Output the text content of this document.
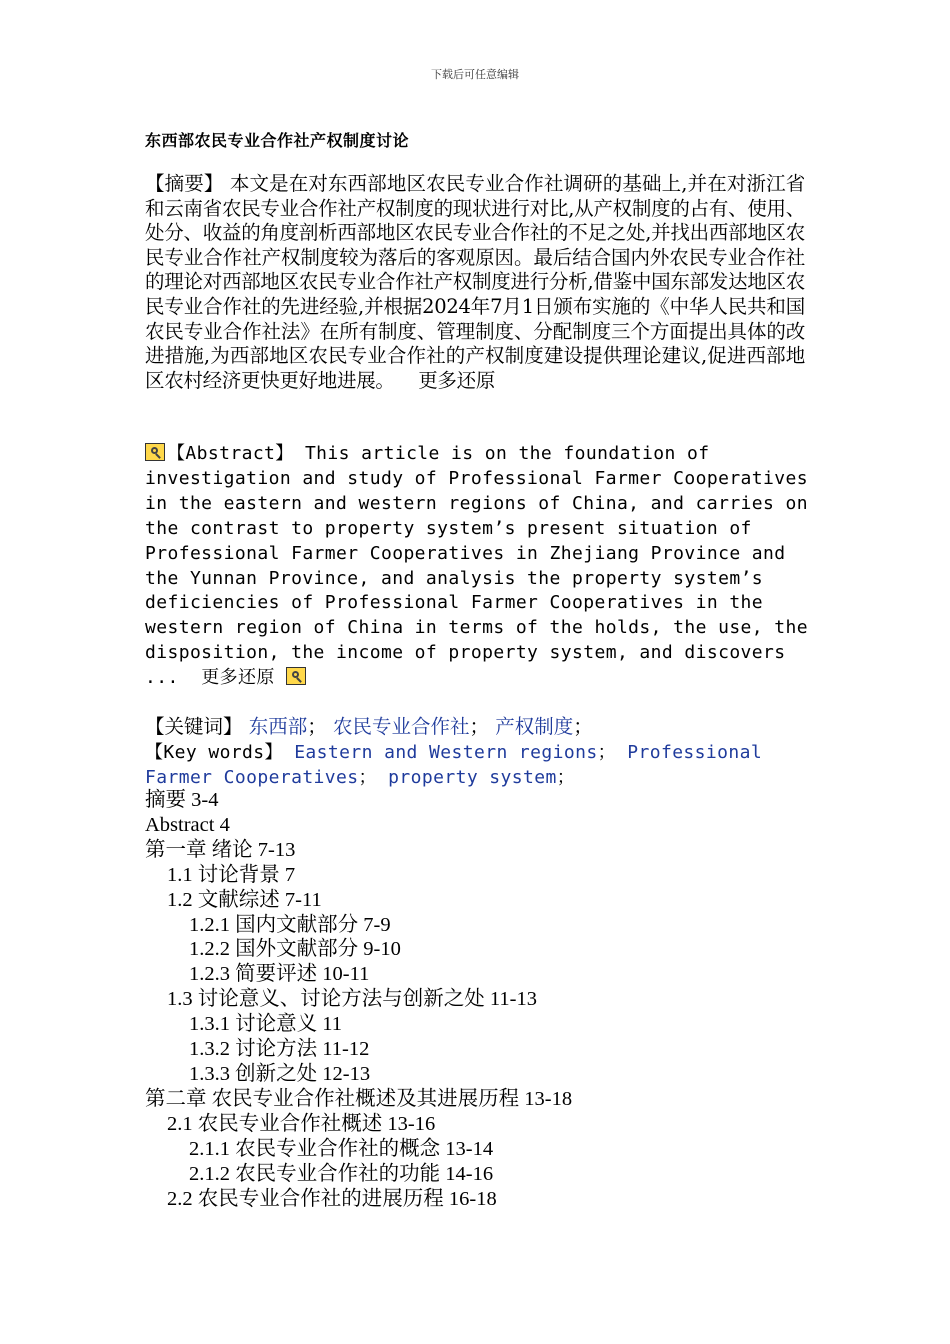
下载后可任意编辑
东西部农民专业合作社产权制度讨论
【摘要】 本文是在对东西部地区农民专业合作社调研的基础上,并在对浙江省和云南省农民专业合作社产权制度的现状进行对比,从产权制度的占有、使用、处分、收益的角度剖析西部地区农民专业合作社的不足之处,并找出西部地区农民专业合作社产权制度较为落后的客观原因。最后结合国内外农民专业合作社的理论对西部地区农民专业合作社产权制度进行分析,借鉴中国东部发达地区农民专业合作社的先进经验,并根据2024年7月1日颁布实施的《中华人民共和国农民专业合作社法》在所有制度、管理制度、分配制度三个方面提出具体的改进措施,为西部地区农民专业合作社的产权制度建设提供理论建议,促进西部地区农村经济更快更好地进展。 更多还原
【Abstract】 This article is on the foundation of investigation and study of Professional Farmer Cooperatives in the eastern and western regions of China, and carries on the contrast to property system’s present situation of Professional Farmer Cooperatives in Zhejiang Province and the Yunnan Province, and analysis the property system’s deficiencies of Professional Farmer Cooperatives in the western region of China in terms of the holds, the use, the disposition, the income of property system, and discovers ... 更多还原
【关键词】 东西部； 农民专业合作社； 产权制度；
【Key words】 Eastern and Western regions； Professional Farmer Cooperatives； property system；
摘要 3-4
Abstract 4
第一章 绪论 7-13
1.1 讨论背景 7
1.2 文献综述 7-11
1.2.1 国内文献部分 7-9
1.2.2 国外文献部分 9-10
1.2.3 简要评述 10-11
1.3 讨论意义、讨论方法与创新之处 11-13
1.3.1 讨论意义 11
1.3.2 讨论方法 11-12
1.3.3 创新之处 12-13
第二章 农民专业合作社概述及其进展历程 13-18
2.1 农民专业合作社概述 13-16
2.1.1 农民专业合作社的概念 13-14
2.1.2 农民专业合作社的功能 14-16
2.2 农民专业合作社的进展历程 16-18
